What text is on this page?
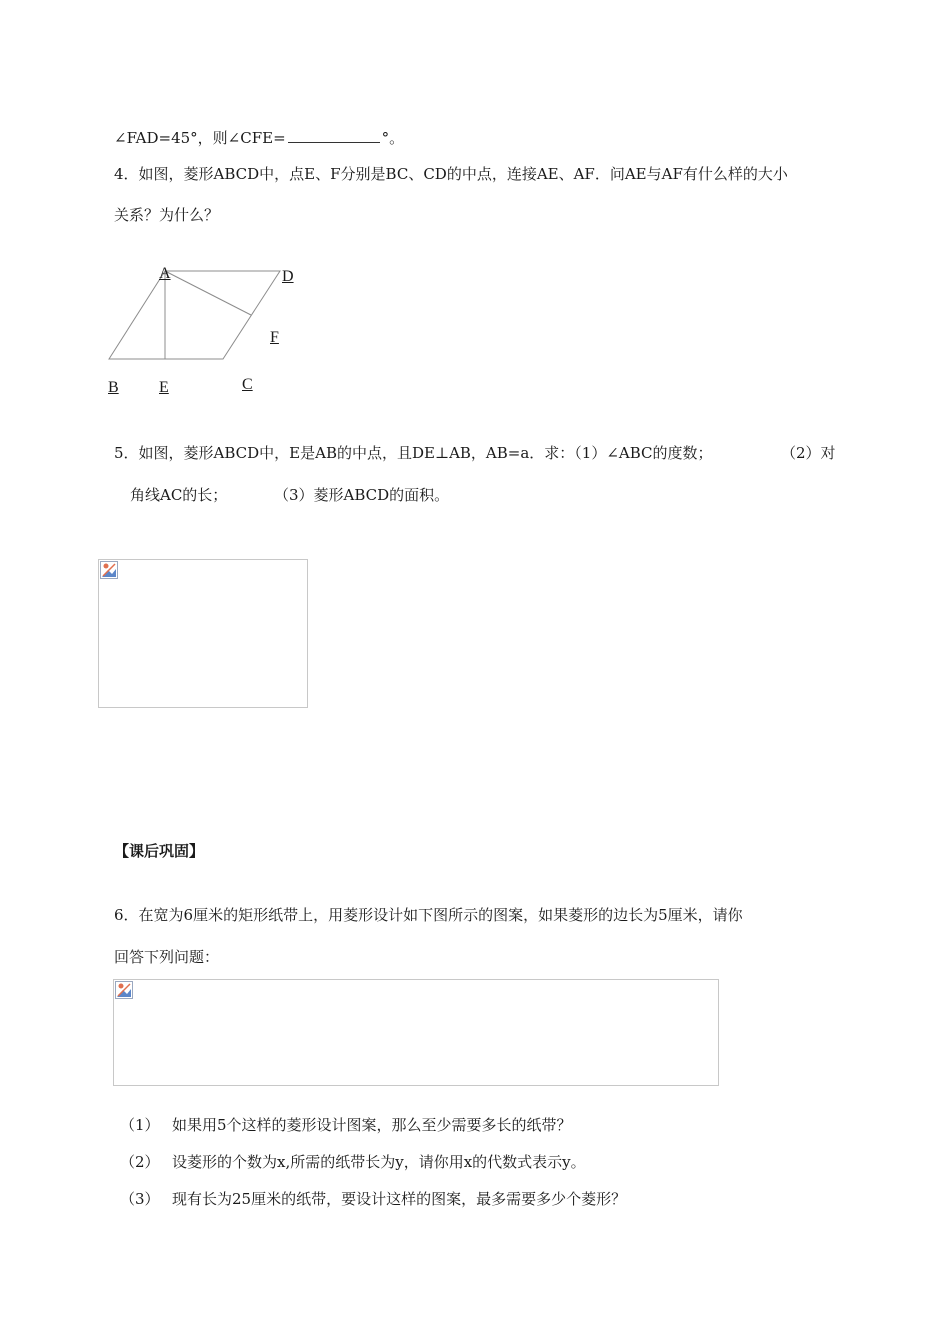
∠FAD=45°，则∠CFE=	°。
4．如图，菱形ABCD中，点E、F分别是BC、CD的中点，连接AE、AF．问AE与AF有什么样的大小
关系？为什么？
A	D
F
B	E	C
5．如图，菱形ABCD中，E是AB的中点，且DE⊥AB，AB=a．求：（1）∠ABC的度数；	（2）对
角线AC的长；	（3）菱形ABCD的面积。
【课后巩固】
6．在宽为6厘米的矩形纸带上，用菱形设计如下图所示的图案，如果菱形的边长为5厘米，请你
回答下列问题：
（1） 如果用5个这样的菱形设计图案，那么至少需要多长的纸带？
（2） 设菱形的个数为x,所需的纸带长为y，请你用x的代数式表示y。
（3） 现有长为25厘米的纸带，要设计这样的图案，最多需要多少个菱形？
